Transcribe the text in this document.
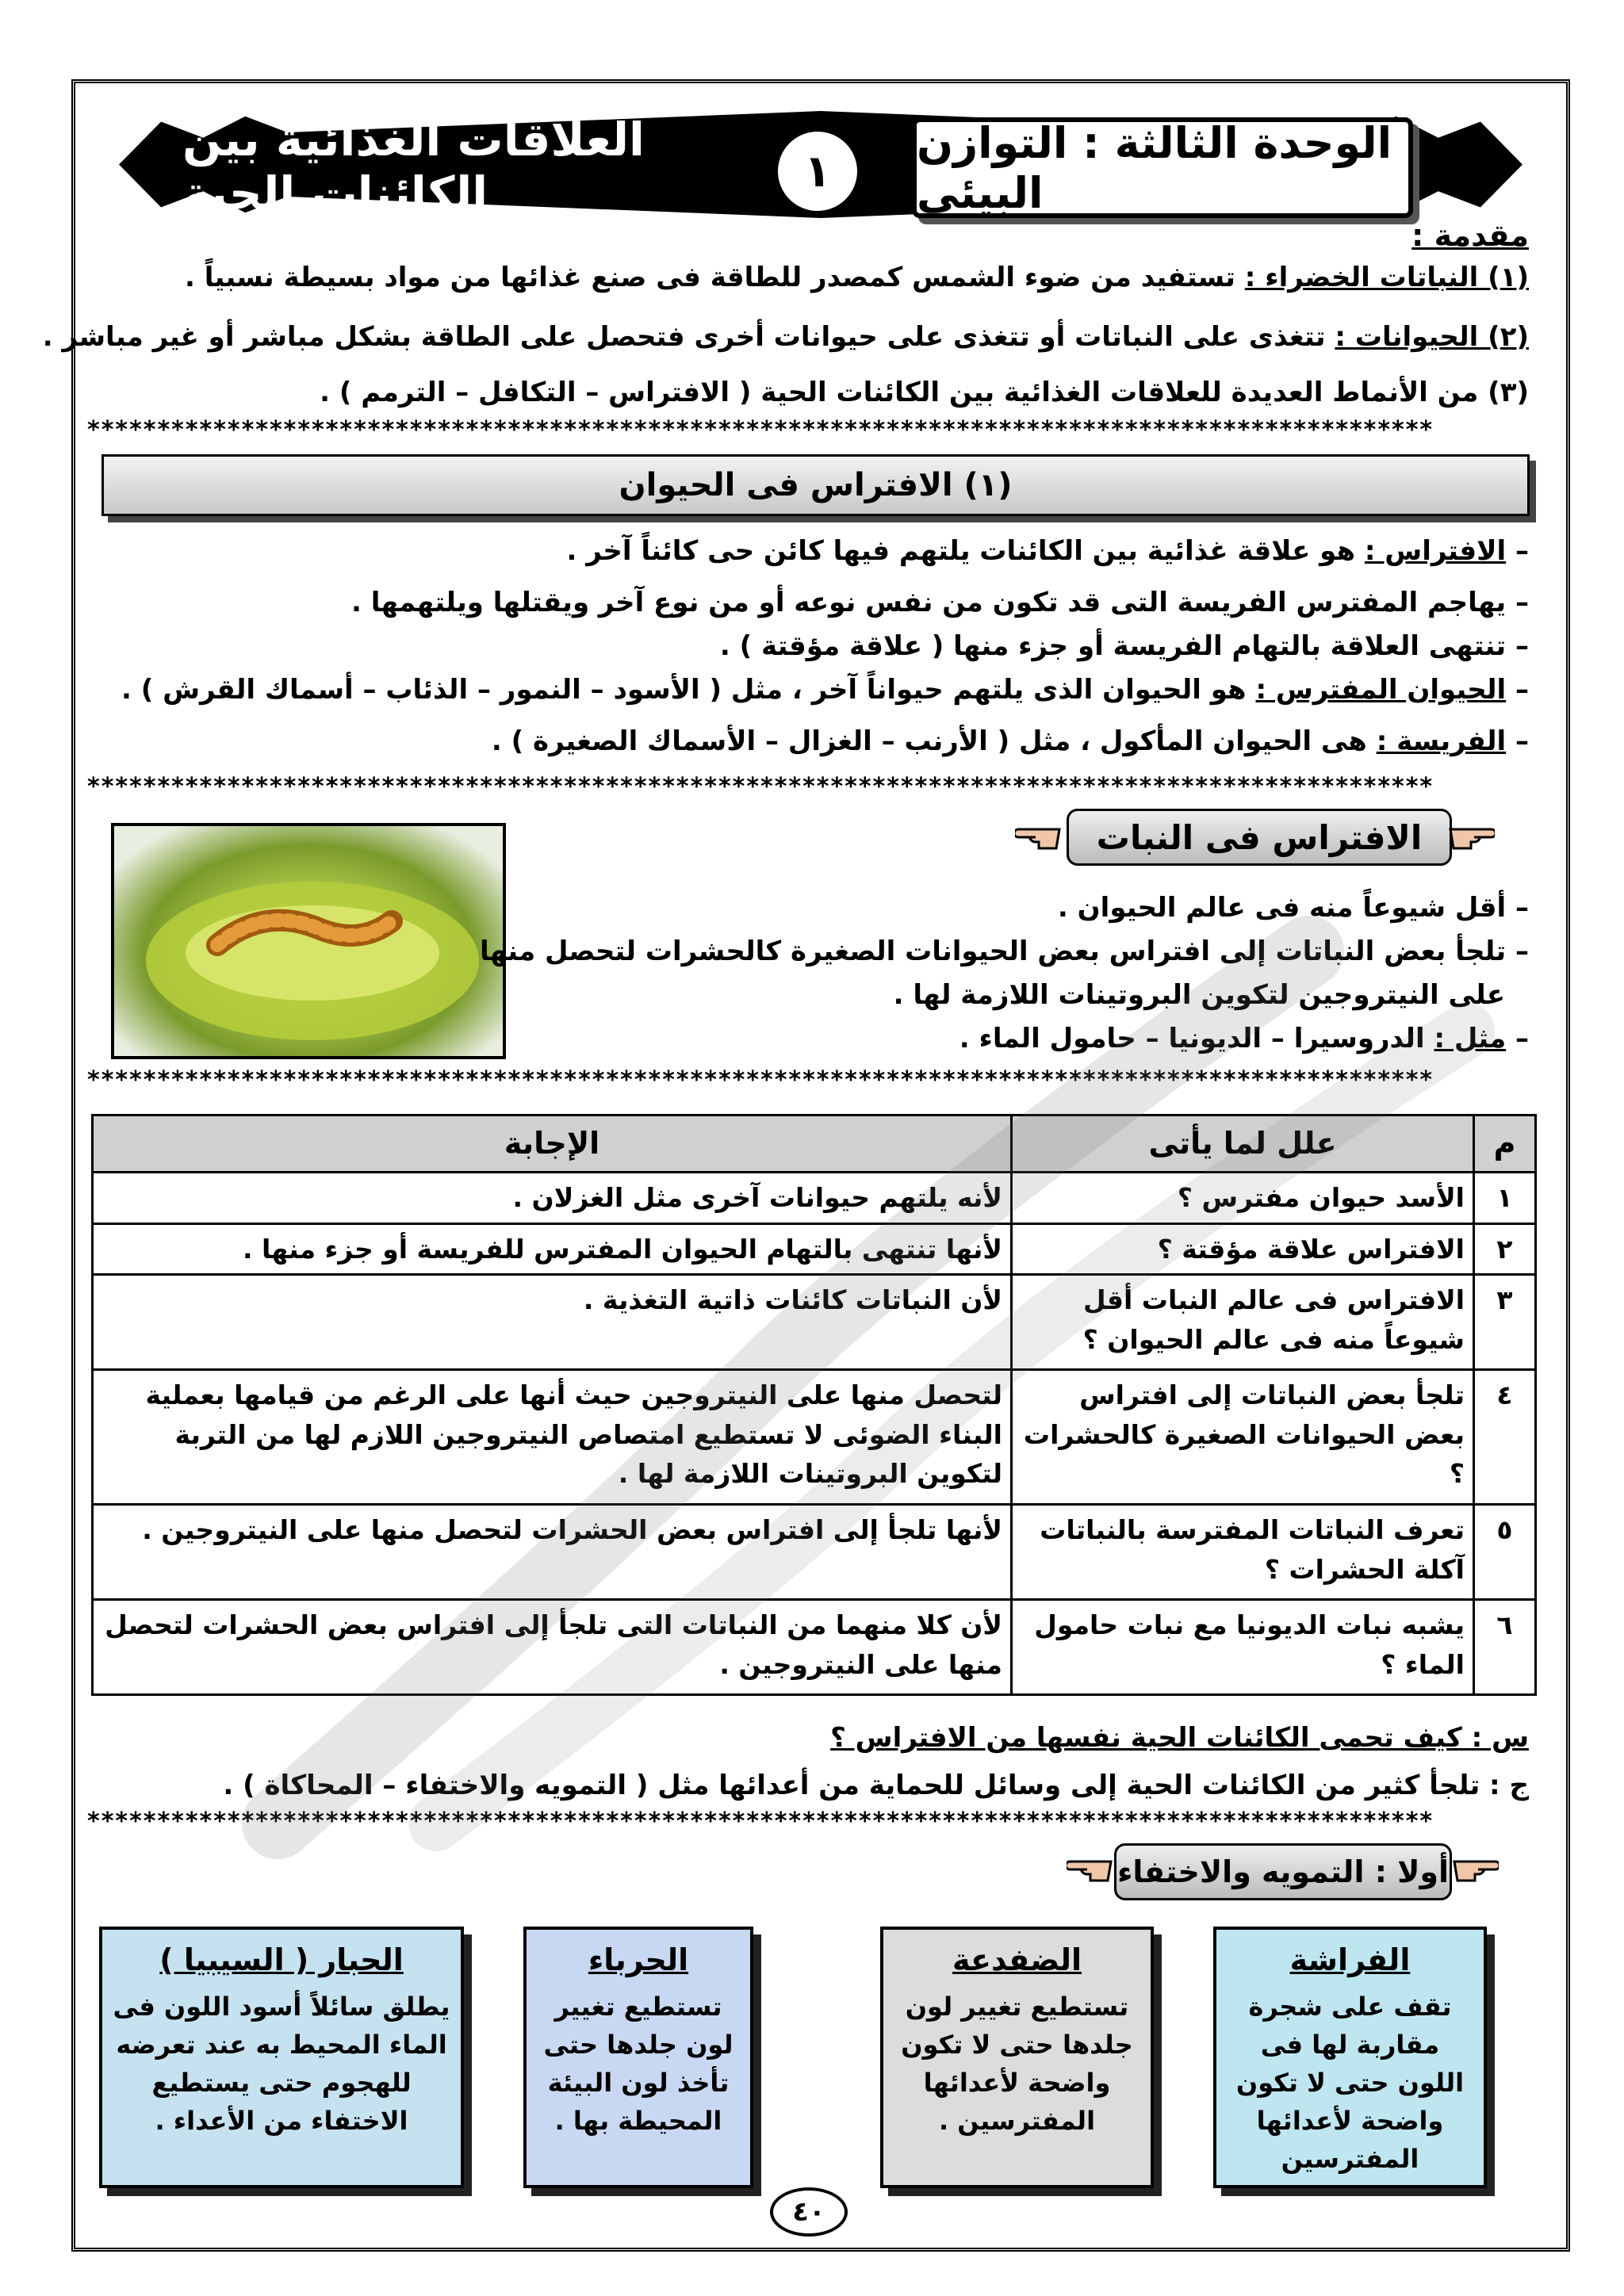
الوحدة الثالثة : التوازن البيئى
١
العلاقات الغذائية بين الكائنات الحية
مقدمة :
(١) النباتات الخضراء : تستفيد من ضوء الشمس كمصدر للطاقة فى صنع غذائها من مواد بسيطة نسبياً .
(٢) الحيوانات : تتغذى على النباتات أو تتغذى على حيوانات أخرى فتحصل على الطاقة بشكل مباشر أو غير مباشر .
(٣) من الأنماط العديدة للعلاقات الغذائية بين الكائنات الحية ( الافتراس – التكافل – الترمم ) .
************************************************************************************************
(١) الافتراس فى الحيوان
– الافتراس : هو علاقة غذائية بين الكائنات يلتهم فيها كائن حى كائناً آخر .
– يهاجم المفترس الفريسة التى قد تكون من نفس نوعه أو من نوع آخر ويقتلها ويلتهمها .
– تنتهى العلاقة بالتهام الفريسة أو جزء منها ( علاقة مؤقتة ) .
– الحيوان المفترس : هو الحيوان الذى يلتهم حيواناً آخر ، مثل ( الأسود – النمور – الذئاب – أسماك القرش ) .
– الفريسة : هى الحيوان المأكول ، مثل ( الأرنب – الغزال – الأسماك الصغيرة ) .
************************************************************************************************
الافتراس فى النبات
– أقل شيوعاً منه فى عالم الحيوان .
– تلجأ بعض النباتات إلى افتراس بعض الحيوانات الصغيرة كالحشرات لتحصل منها
على النيتروجين لتكوين البروتينات اللازمة لها .
– مثل : الدروسيرا – الديونيا – حامول الماء .
************************************************************************************************
م	علل لما يأتى	الإجابة
١	الأسد حيوان مفترس ؟	لأنه يلتهم حيوانات آخرى مثل الغزلان .
٢	الافتراس علاقة مؤقتة ؟	لأنها تنتهى بالتهام الحيوان المفترس للفريسة أو جزء منها .
٣	الافتراس فى عالم النبات أقل شيوعاً منه فى عالم الحيوان ؟	لأن النباتات كائنات ذاتية التغذية .
٤	تلجأ بعض النباتات إلى افتراس بعض الحيوانات الصغيرة كالحشرات ؟	لتحصل منها على النيتروجين حيث أنها على الرغم من قيامها بعملية البناء الضوئى لا تستطيع امتصاص النيتروجين اللازم لها من التربة لتكوين البروتينات اللازمة لها .
٥	تعرف النباتات المفترسة بالنباتات آكلة الحشرات ؟	لأنها تلجأ إلى افتراس بعض الحشرات لتحصل منها على النيتروجين .
٦	يشبه نبات الديونيا مع نبات حامول الماء ؟	لأن كلا منهما من النباتات التى تلجأ إلى افتراس بعض الحشرات لتحصل منها على النيتروجين .
س : كيف تحمى الكائنات الحية نفسها من الافتراس ؟
ج : تلجأ كثير من الكائنات الحية إلى وسائل للحماية من أعدائها مثل ( التمويه والاختفاء – المحاكاة ) .
************************************************************************************************
أولا : التمويه والاختفاء
الفراشة
تقف على شجرة مقاربة لها فى اللون حتى لا تكون واضحة لأعدائها المفترسين
الضفدعة
تستطيع تغيير لون جلدها حتى لا تكون واضحة لأعدائها المفترسين .
الحرباء
تستطيع تغيير لون جلدها حتى تأخذ لون البيئة المحيطة بها .
الحبار ( السيبيا )
يطلق سائلاً أسود اللون فى الماء المحيط به عند تعرضه للهجوم حتى يستطيع الاختفاء من الأعداء .
٤٠
